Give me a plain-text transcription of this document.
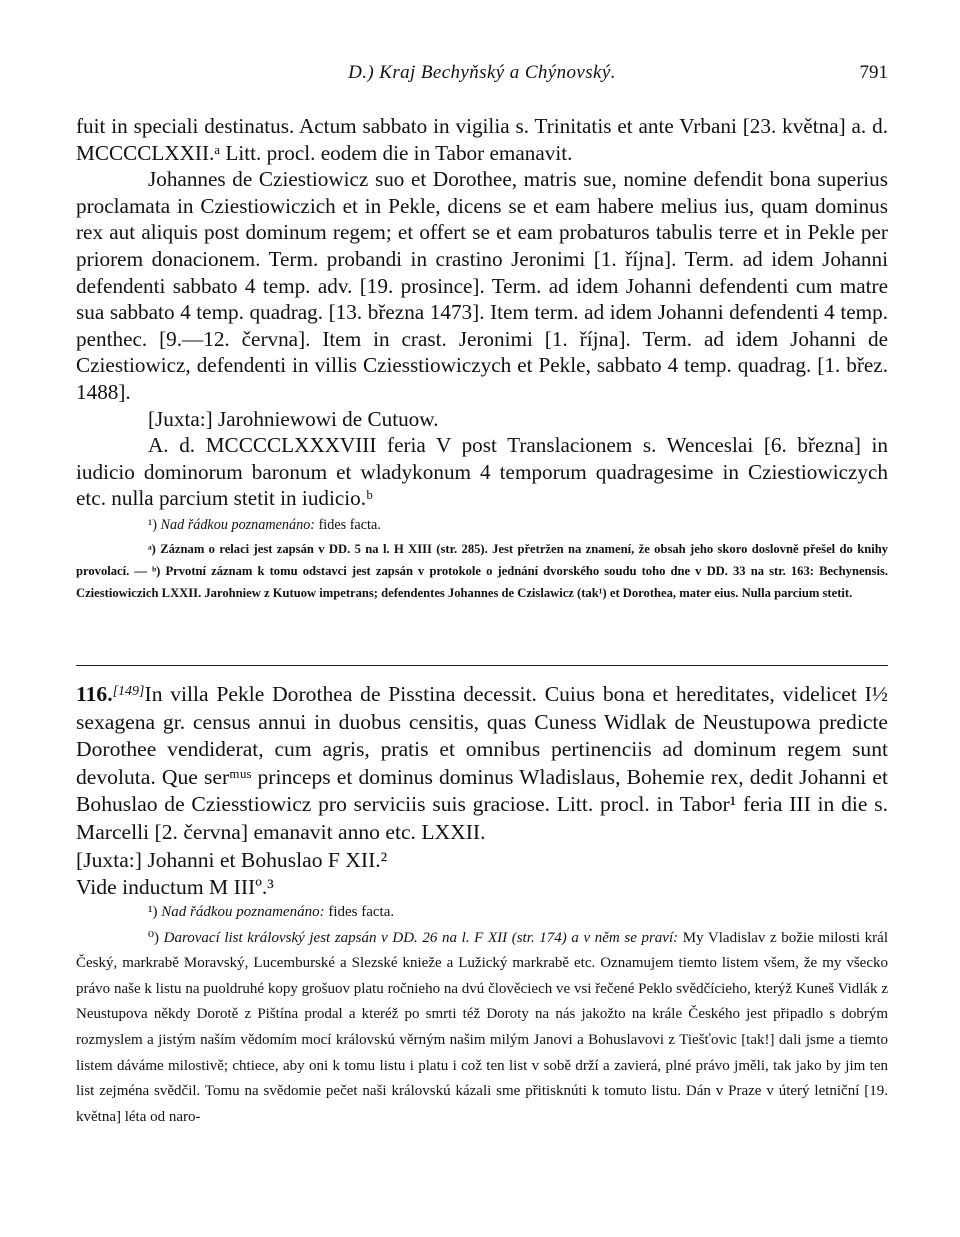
D.) Kraj Bechyňský a Chýnovský.	791

fuit in speciali destinatus. Actum sabbato in vigilia s. Trinitatis et ante Vrbani [23. května] a. d. MCCCCLXXII.ᵃ Litt. procl. eodem die in Tabor emanavit.

Johannes de Cziestiowicz suo et Dorothee, matris sue, nomine defendit bona superius proclamata in Cziestiowiczich et in Pekle, dicens se et eam habere melius ius, quam dominus rex aut aliquis post dominum regem; et offert se et eam probaturos tabulis terre et in Pekle per priorem donacionem. Term. probandi in crastino Jeronimi [1. října]. Term. ad idem Johanni defendenti sabbato 4 temp. adv. [19. prosince]. Term. ad idem Johanni defendenti cum matre sua sabbato 4 temp. quadrag. [13. března 1473]. Item term. ad idem Johanni defendenti 4 temp. penthec. [9.—12. června]. Item in crast. Jeronimi [1. října]. Term. ad idem Johanni de Cziestiowicz, defendenti in villis Cziesstiowiczych et Pekle, sabbato 4 temp. quadrag. [1. břez. 1488].

[Juxta:] Jarohniewowi de Cutuow.

A. d. MCCCCLXXXVIII feria V post Translacionem s. Wenceslai [6. března] in iudicio dominorum baronum et wladykonum 4 temporum quadragesime in Cziestiowiczych etc. nulla parcium stetit in iudicio.ᵇ

¹) Nad řádkou poznamenáno: fides facta.

ᵃ) Záznam o relaci jest zapsán v DD. 5 na l. H XIII (str. 285). Jest přetržen na znamení, že obsah jeho skoro doslovně přešel do knihy provolací. — ᵇ) Prvotní záznam k tomu odstavci jest zapsán v protokole o jednání dvorského soudu toho dne v DD. 33 na str. 163: Bechynensis. Cziestiowiczich LXXII. Jarohniew z Kutuow impetrans; defendentes Johannes de Czislawicz (tak¹) et Dorothea, mater eius. Nulla parcium stetit.

116.[149]In villa Pekle Dorothea de Pisstina decessit. Cuius bona et hereditates, videlicet I½ sexagena gr. census annui in duobus censitis, quas Cuness Widlak de Neustupowa predicte Dorothee vendiderat, cum agris, pratis et omnibus pertinenciis ad dominum regem sunt devoluta. Que serᵐᵘˢ princeps et dominus dominus Wladislaus, Bohemie rex, dedit Johanni et Bohuslao de Cziesstiowicz pro serviciis suis graciose. Litt. procl. in Tabor¹ feria III in die s. Marcelli [2. června] emanavit anno etc. LXXII.

[Juxta:] Johanni et Bohuslao F XII.²

Vide inductum M IIIº.³

¹) Nad řádkou poznamenáno: fides facta.

⁰) Darovací list královský jest zapsán v DD. 26 na l. F XII (str. 174) a v něm se praví: My Vladislav z božie milosti král Český, markrabě Moravský, Lucemburské a Slezské knieže a Lužický markrabě etc. Oznamujem tiemto listem všem, že my všecko právo naše k listu na puoldruhé kopy grošuov platu ročnieho na dvú člověciech ve vsi řečené Peklo svědčícieho, kterýž Kuneš Vidlák z Neustupova někdy Dorotě z Pištína prodal a kteréž po smrti též Doroty na nás jakožto na krále Českého jest připadlo s dobrým rozmyslem a jistým naším vědomím mocí královskú věrným našim milým Janovi a Bohuslavovi z Tiešťovic [tak!] dali jsme a tiemto listem dáváme milostivě; chtiece, aby oni k tomu listu i platu i což ten list v sobě drží a zavierá, plné právo jměli, tak jako by jim ten list zejména svědčil. Tomu na svědomie pečet naši královskú kázali sme přitisknúti k tomuto listu. Dán v Praze v úterý letniční [19. května] léta od naro-
